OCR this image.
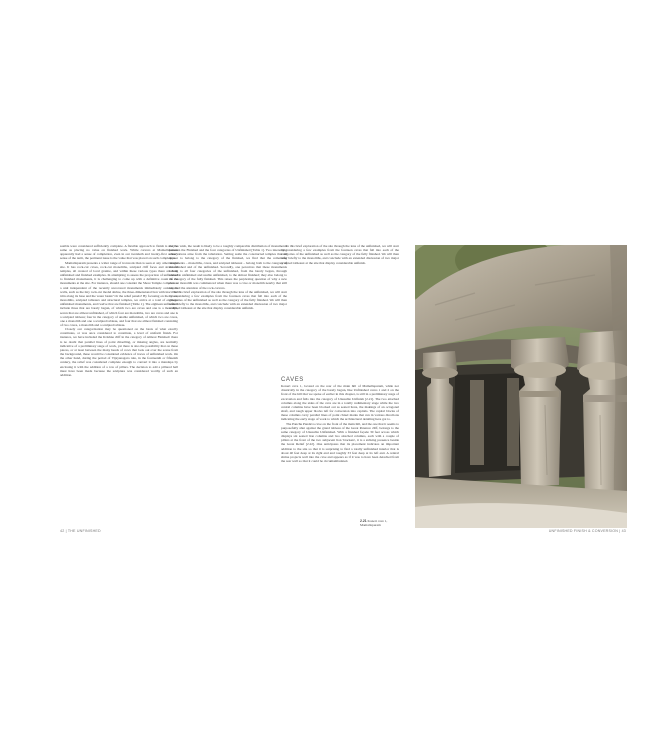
sasible were considered sufficiently complete. A flexible approach to finish is not the same as placing no value on finished work. While carvers at Mamallapuram apparently had a sense of completion, even in our twentieth and twenty-first century sense of the term, the pertinent issue is the value that was placed on such completion.

Mamallapuram presents a wider range of ironwork than is seen at any other single site. It has rock-cut caves, rock-cut monoliths, sculpted cliff faces and structural temples, all created of local granite, and within these various types there are both unfinished and finished examples. In attempting to assess the proportion of unfinished to finished monuments, it is challenging to come up with a definitive count of the monuments at the site. For instance, should one consider the Shore Temple complex as a unit independent of the recently uncovered monuments immediately outside its walls, such as the tiny rock-cut model shrine, the three-dimensional lion with inscribed tritn along its base and the water basin? Or the relief panels? By focusing on the caves, monoliths, sculpted tableaux and structural temples, we arrive at a total of eighteen unfinished monuments, and twelve that are finished [Table 1]. The eighteen unfinished include three that are barely begun, of which two are caves and one is a monolith, seven that are almost unfinished, of which four are monoliths, two are caves and one is a sculpted tableau; four in the category of unable unfinished, of which two are caves, one a monolith and one a sculpted tableau, and four that are almost finished consisting of two caves, a monolith and a sculpted tableau.

Closely our categorization may be questioned on the basis of what exactly constitutes, or was once considered to constitute, a level of uniform finish. For instance, we have included the Krishna cliff in the category of Almost Finished: there is no doubt that parallel lines of point chiselling, or missing angles, are normally indicative of a preliminary stage of work, yet there is also the possibility that on these pieces, or at least between the many heads of cows that look out over the scene from the background, these would be considered evidence of traces of unfinished work. On the other hand, during the period of Vijayanagara rule, in the fourteenth or fifteenth century, the relief was considered complete enough to convert it into a mandapa by enclosing it with the addition of a row of pillars. The decision to add a pillared hall must have been made because the sculpture was considered worthy of such an addition.

they so wish, the result is likely to be a roughly comparable distribution of monuments between the Finished and the four categories of Unfinished [Table 1]. Two interesting observations arise from the tabulation. Setting aside the constructed temples that all appear to belong to the category of the finished, we find that the remaining monuments – monoliths, caves, and sculpted tableaux – belong both to the category of the finished and of the unfinished. Secondly, one perceives that these monuments belong to all four categories of the unfinished, from the barely begun, through unusable unfinished and usable unfinished, to the almost finished; they also belong to the category of the fully finished. This raises the perplexing question of why a new cave or monolith was commenced when there was a cave or monolith nearby that still required the attention of the rock-carvers.

In this brief exploration of the site through the lens of the unfinished, we will start by considering a few examples from the fourteen caves that fall into each of the categories of the unfinished as well as the category of the fully finished. We will then refer briefly to the monoliths, and conclude with an extended discussion of two major sculpted tableaux at the site that display considerable unfinish.

In this brief exploration of the site through the lens of the unfinished, we will start by considering a few examples from the fourteen caves that fall into each of the categories of the unfinished as well as the category of the fully finished. We will then refer briefly to the monoliths, and conclude with an extended discussion of two major sculpted tableaux at the site that display considerable unfinish.

CAVES

Koneri cave 1, located on the rear of the main hill of Mamallapuram, while not drastically in the category of the barely begun, like Unfinished caves 1 and 2 on the front of the hill that we spoke of earlier in this chapter, is still in a preliminary stage of excavation and falls into the category of Unusable Unfinish [2.21]. The two attached columns along the sides of the cave are in a totally rudimentary stage while the two central columns have been blocked out as seated lions, the makings of an octagonal shaft, and rough upper blocks left for conversion into capitals. The capital blocks of these columns carry parallel lines of point chisel marks that run in various directions indicating the early stage of work to which the architectural detailing here got to.

The Panchu Pandava cave on the front of the main hill, and the one that it seems to purposefully abut against the grand tableau of the Great Penance cliff, belongs to the same category of Unusable Unfinished. With a finished façade 30 feet across which displays six seated lion columns and two attached columns, each with a couple of pillars at the front of the two subjacent lion 'brackets', it is a striking presence beside the Great Relief [2.22]. One anticipates that its placement indicates an important addition to the site so that it is surprising to find a totally unfinished interior that is about 40 feet deep at its right end and roughly 33 feet deep at its left end. A central shrine projects well into the cave and appears as if it was to have been detached from the rear wall so that it could be circumambulated.

42 | THE UNFINISHED	UNFINISHED FINISH & CONVERSION | 43
2.21 Koneri cave 1, Mamallapuram
